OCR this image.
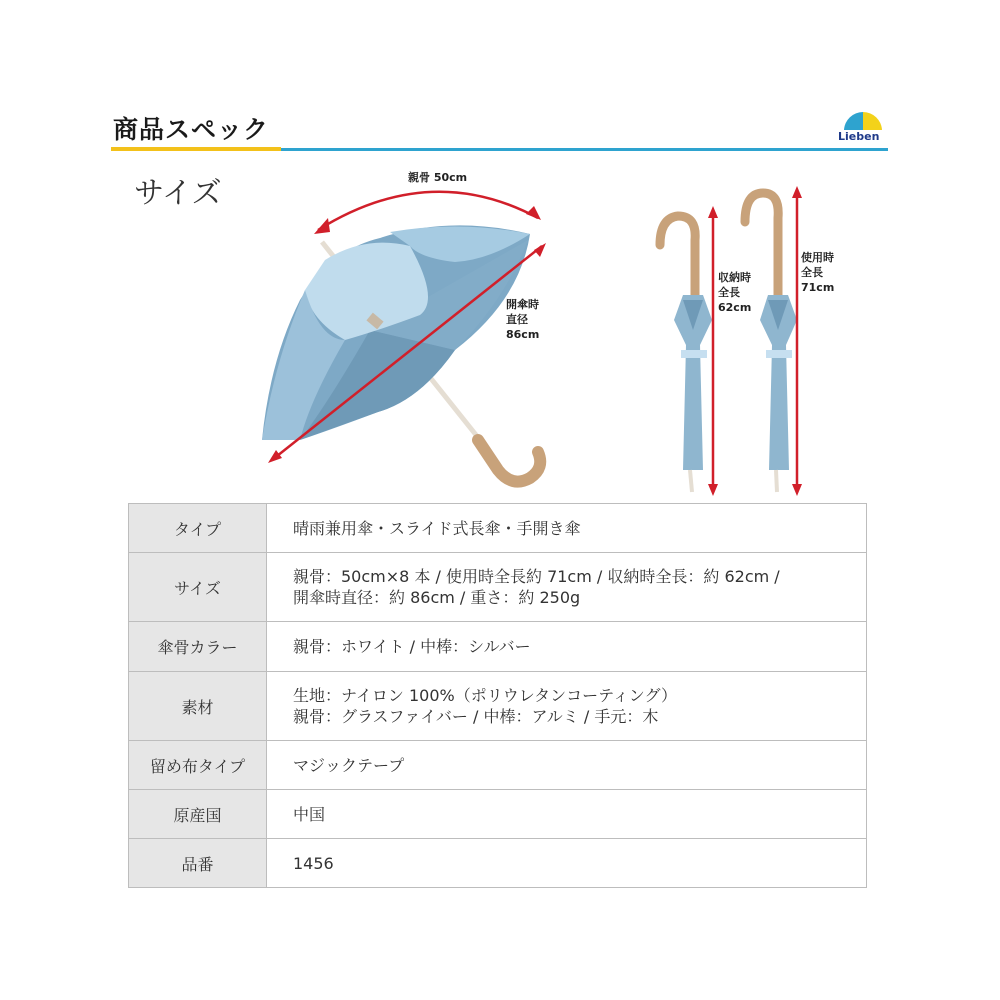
商品スペック	Lieben
サイズ	親骨 50cm
開傘時
直径
86cm
収納時
全長
62cm
使用時
全長
71cm
タイプ	晴雨兼用傘・スライド式長傘・手開き傘

サイズ	親骨：50cm×8 本 / 使用時全長約 71cm / 収納時全長：約 62cm /
開傘時直径：約 86cm / 重さ：約 250g

傘骨カラー	親骨：ホワイト / 中棒：シルバー

素材	生地：ナイロン 100%（ポリウレタンコーティング）
親骨：グラスファイバー / 中棒：アルミ / 手元：木

留め布タイプ	マジックテープ

原産国	中国

品番	1456
